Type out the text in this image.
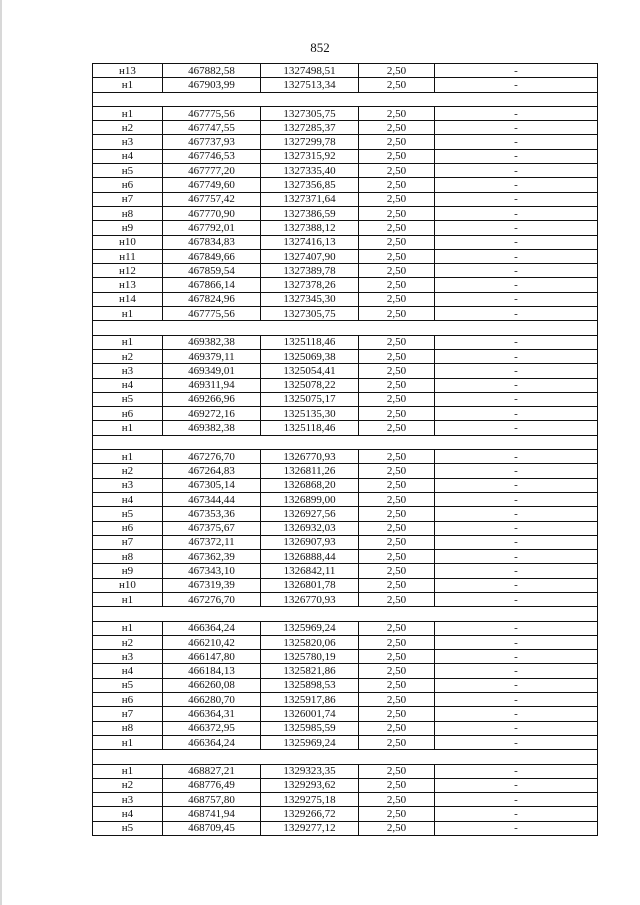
852
н13	467882,58	1327498,51	2,50	-
н1	467903,99	1327513,34	2,50	-

н1	467775,56	1327305,75	2,50	-
н2	467747,55	1327285,37	2,50	-
н3	467737,93	1327299,78	2,50	-
н4	467746,53	1327315,92	2,50	-
н5	467777,20	1327335,40	2,50	-
н6	467749,60	1327356,85	2,50	-
н7	467757,42	1327371,64	2,50	-
н8	467770,90	1327386,59	2,50	-
н9	467792,01	1327388,12	2,50	-
н10	467834,83	1327416,13	2,50	-
н11	467849,66	1327407,90	2,50	-
н12	467859,54	1327389,78	2,50	-
н13	467866,14	1327378,26	2,50	-
н14	467824,96	1327345,30	2,50	-
н1	467775,56	1327305,75	2,50	-

н1	469382,38	1325118,46	2,50	-
н2	469379,11	1325069,38	2,50	-
н3	469349,01	1325054,41	2,50	-
н4	469311,94	1325078,22	2,50	-
н5	469266,96	1325075,17	2,50	-
н6	469272,16	1325135,30	2,50	-
н1	469382,38	1325118,46	2,50	-

н1	467276,70	1326770,93	2,50	-
н2	467264,83	1326811,26	2,50	-
н3	467305,14	1326868,20	2,50	-
н4	467344,44	1326899,00	2,50	-
н5	467353,36	1326927,56	2,50	-
н6	467375,67	1326932,03	2,50	-
н7	467372,11	1326907,93	2,50	-
н8	467362,39	1326888,44	2,50	-
н9	467343,10	1326842,11	2,50	-
н10	467319,39	1326801,78	2,50	-
н1	467276,70	1326770,93	2,50	-

н1	466364,24	1325969,24	2,50	-
н2	466210,42	1325820,06	2,50	-
н3	466147,80	1325780,19	2,50	-
н4	466184,13	1325821,86	2,50	-
н5	466260,08	1325898,53	2,50	-
н6	466280,70	1325917,86	2,50	-
н7	466364,31	1326001,74	2,50	-
н8	466372,95	1325985,59	2,50	-
н1	466364,24	1325969,24	2,50	-

н1	468827,21	1329323,35	2,50	-
н2	468776,49	1329293,62	2,50	-
н3	468757,80	1329275,18	2,50	-
н4	468741,94	1329266,72	2,50	-
н5	468709,45	1329277,12	2,50	-
